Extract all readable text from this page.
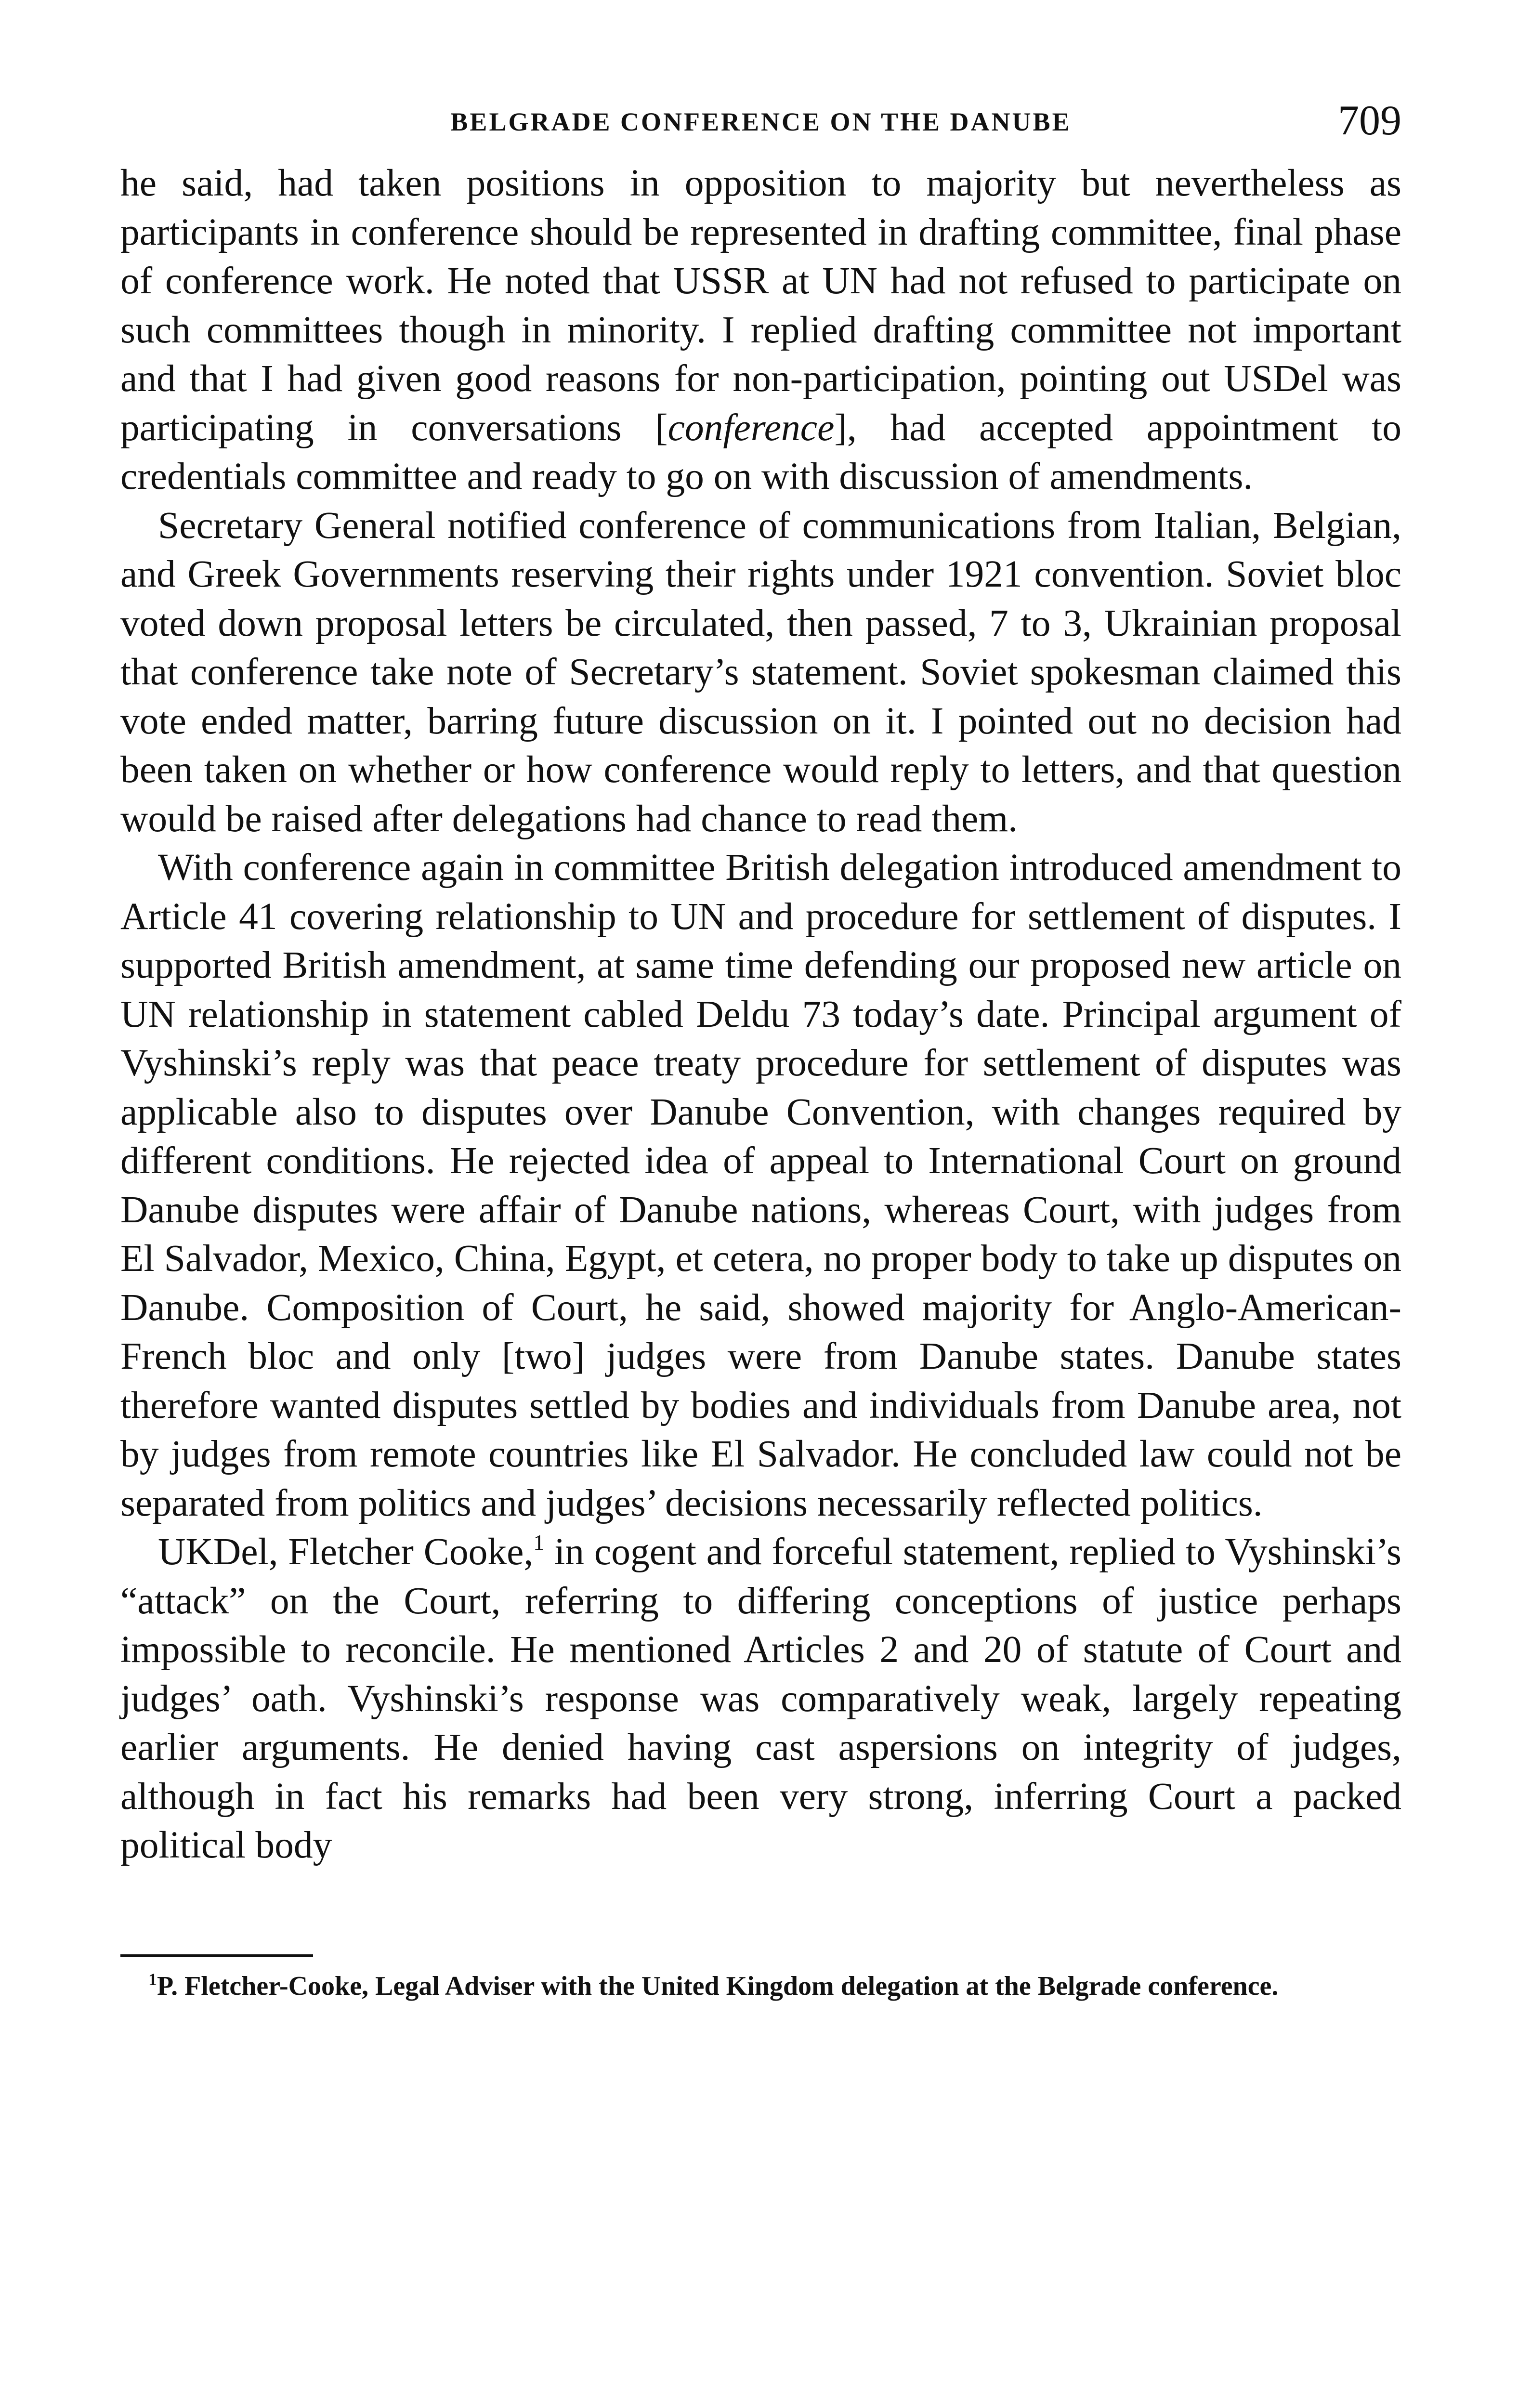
BELGRADE CONFERENCE ON THE DANUBE	709

he said, had taken positions in opposition to majority but nevertheless as participants in conference should be represented in drafting committee, final phase of conference work. He noted that USSR at UN had not refused to participate on such committees though in minority. I replied drafting committee not important and that I had given good reasons for non-participation, pointing out USDel was participating in conversations [conference], had accepted appointment to credentials committee and ready to go on with discussion of amendments.

Secretary General notified conference of communications from Italian, Belgian, and Greek Governments reserving their rights under 1921 convention. Soviet bloc voted down proposal letters be circulated, then passed, 7 to 3, Ukrainian proposal that conference take note of Secretary’s statement. Soviet spokesman claimed this vote ended matter, barring future discussion on it. I pointed out no decision had been taken on whether or how conference would reply to letters, and that question would be raised after delegations had chance to read them.

With conference again in committee British delegation introduced amendment to Article 41 covering relationship to UN and procedure for settlement of disputes. I supported British amendment, at same time defending our proposed new article on UN relationship in statement cabled Deldu 73 today’s date. Principal argument of Vyshinski’s reply was that peace treaty procedure for settlement of disputes was applicable also to disputes over Danube Convention, with changes required by different conditions. He rejected idea of appeal to International Court on ground Danube disputes were affair of Danube nations, whereas Court, with judges from El Salvador, Mexico, China, Egypt, et cetera, no proper body to take up disputes on Danube. Composition of Court, he said, showed majority for Anglo-American-French bloc and only [two] judges were from Danube states. Danube states therefore wanted disputes settled by bodies and individuals from Danube area, not by judges from remote countries like El Salvador. He concluded law could not be separated from politics and judges’ decisions necessarily reflected politics.

UKDel, Fletcher Cooke,$^1$ in cogent and forceful statement, replied to Vyshinski’s “attack” on the Court, referring to differing conceptions of justice perhaps impossible to reconcile. He mentioned Articles 2 and 20 of statute of Court and judges’ oath. Vyshinski’s response was comparatively weak, largely repeating earlier arguments. He denied having cast aspersions on integrity of judges, although in fact his remarks had been very strong, inferring Court a packed political body

$^1$P. Fletcher-Cooke, Legal Adviser with the United Kingdom delegation at the Belgrade conference.
